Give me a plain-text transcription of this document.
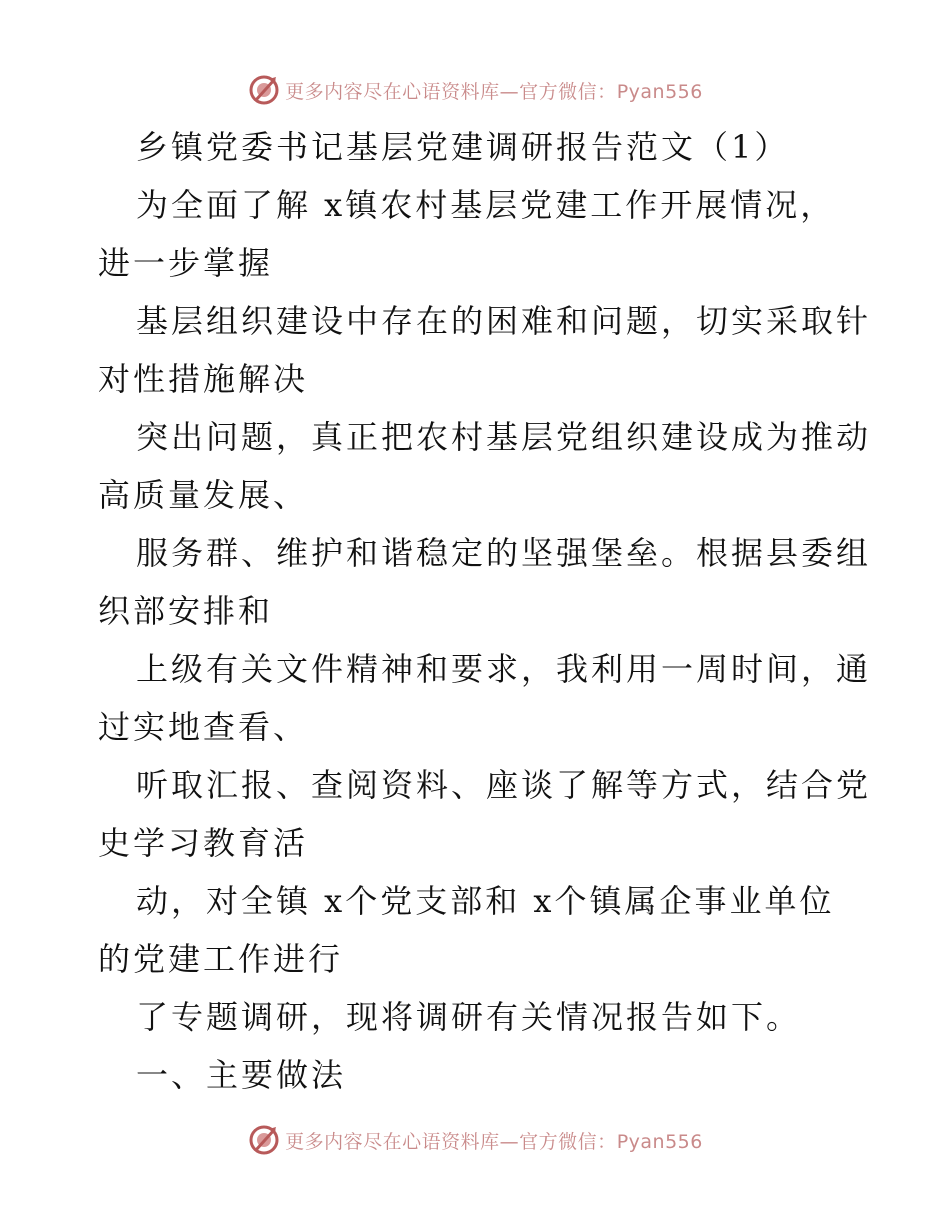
更多内容尽在心语资料库—官方微信：Pyan556
乡镇党委书记基层党建调研报告范文（1）
为全面了解 x镇农村基层党建工作开展情况，
进一步掌握
基层组织建设中存在的困难和问题，切实采取针
对性措施解决
突出问题，真正把农村基层党组织建设成为推动
高质量发展、
服务群、维护和谐稳定的坚强堡垒。根据县委组
织部安排和
上级有关文件精神和要求，我利用一周时间，通
过实地查看、
听取汇报、查阅资料、座谈了解等方式，结合党
史学习教育活
动，对全镇 x个党支部和 x个镇属企事业单位
的党建工作进行
了专题调研，现将调研有关情况报告如下。
一、主要做法
更多内容尽在心语资料库—官方微信：Pyan556
